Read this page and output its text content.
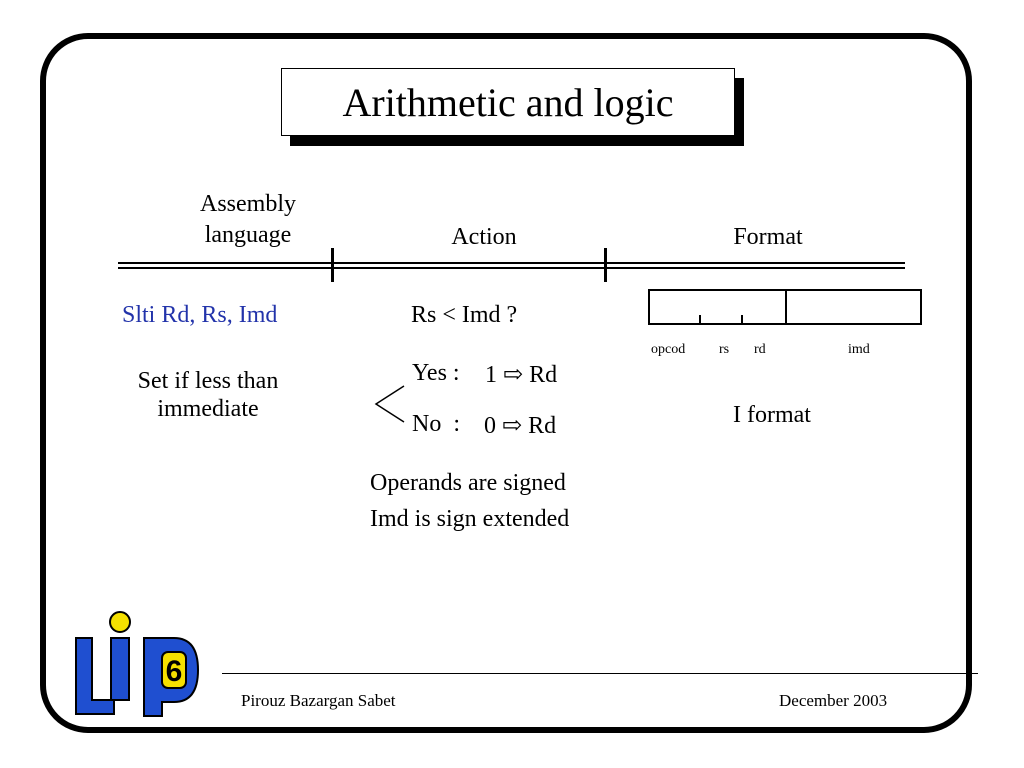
Arithmetic and logic
Assembly
language	Action	Format
Slti Rd, Rs, Imd
Set if less than
immediate
Rs < Imd ?
Yes : 1 ⇨ Rd
No  : 0 ⇨ Rd
Operands are signed
Imd is sign extended
opcod rs rd	imd
I format
Pirouz Bazargan Sabet	December 2003
6
